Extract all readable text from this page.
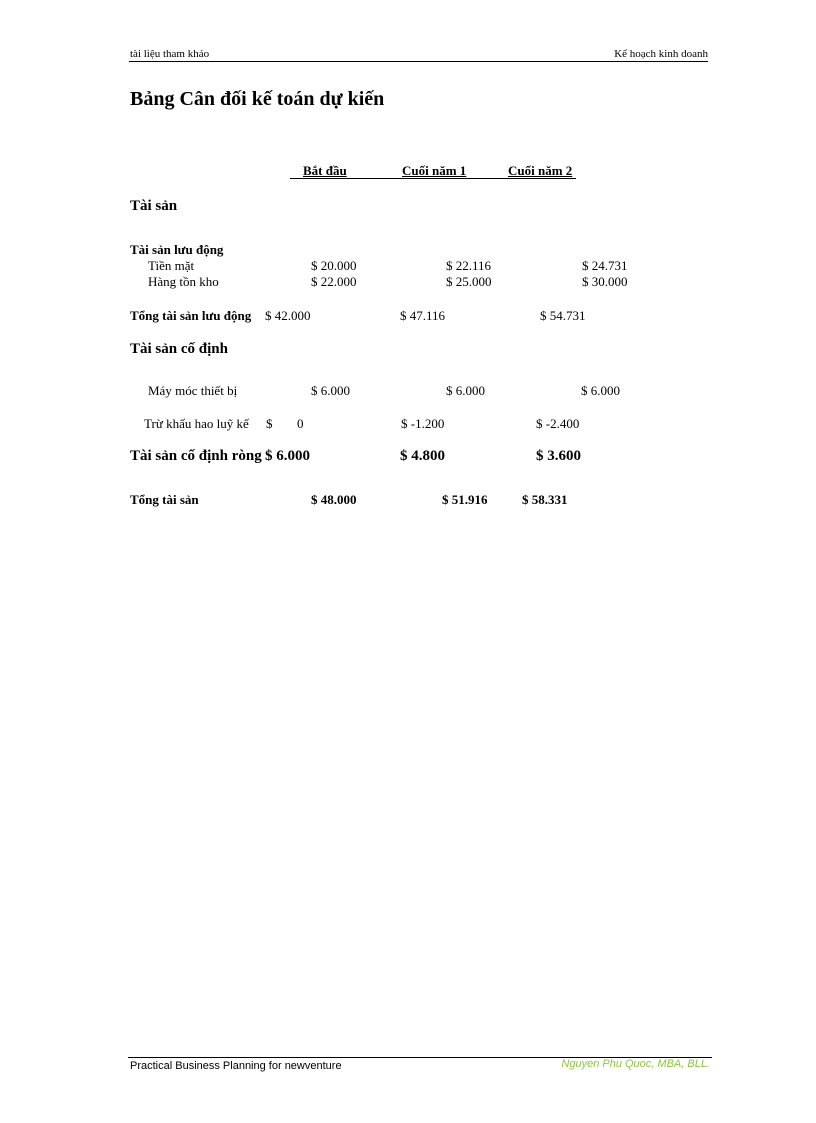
tài liệu tham khảo	Kế hoạch kinh doanh
Bảng Cân đối kế toán dự kiến
Bắt đầu	Cuối năm 1	Cuối năm 2
Tài sản
Tài sản lưu động
Tiền mặt	$ 20.000	$ 22.116	$ 24.731
Hàng tồn kho	$ 22.000	$ 25.000	$ 30.000
Tổng tài sản lưu động $ 42.000	$ 47.116	$ 54.731
Tài sản cố định
Máy móc thiết bị	$ 6.000	$ 6.000	$ 6.000
Trừ khấu hao luỹ kế $ 0	$ -1.200	$ -2.400
Tài sản cố định ròng $ 6.000	$ 4.800	$ 3.600
Tổng tài sản	$ 48.000	$ 51.916	$ 58.331
Practical Business Planning for newventure	Nguyen Phu Quoc, MBA, BLL.
